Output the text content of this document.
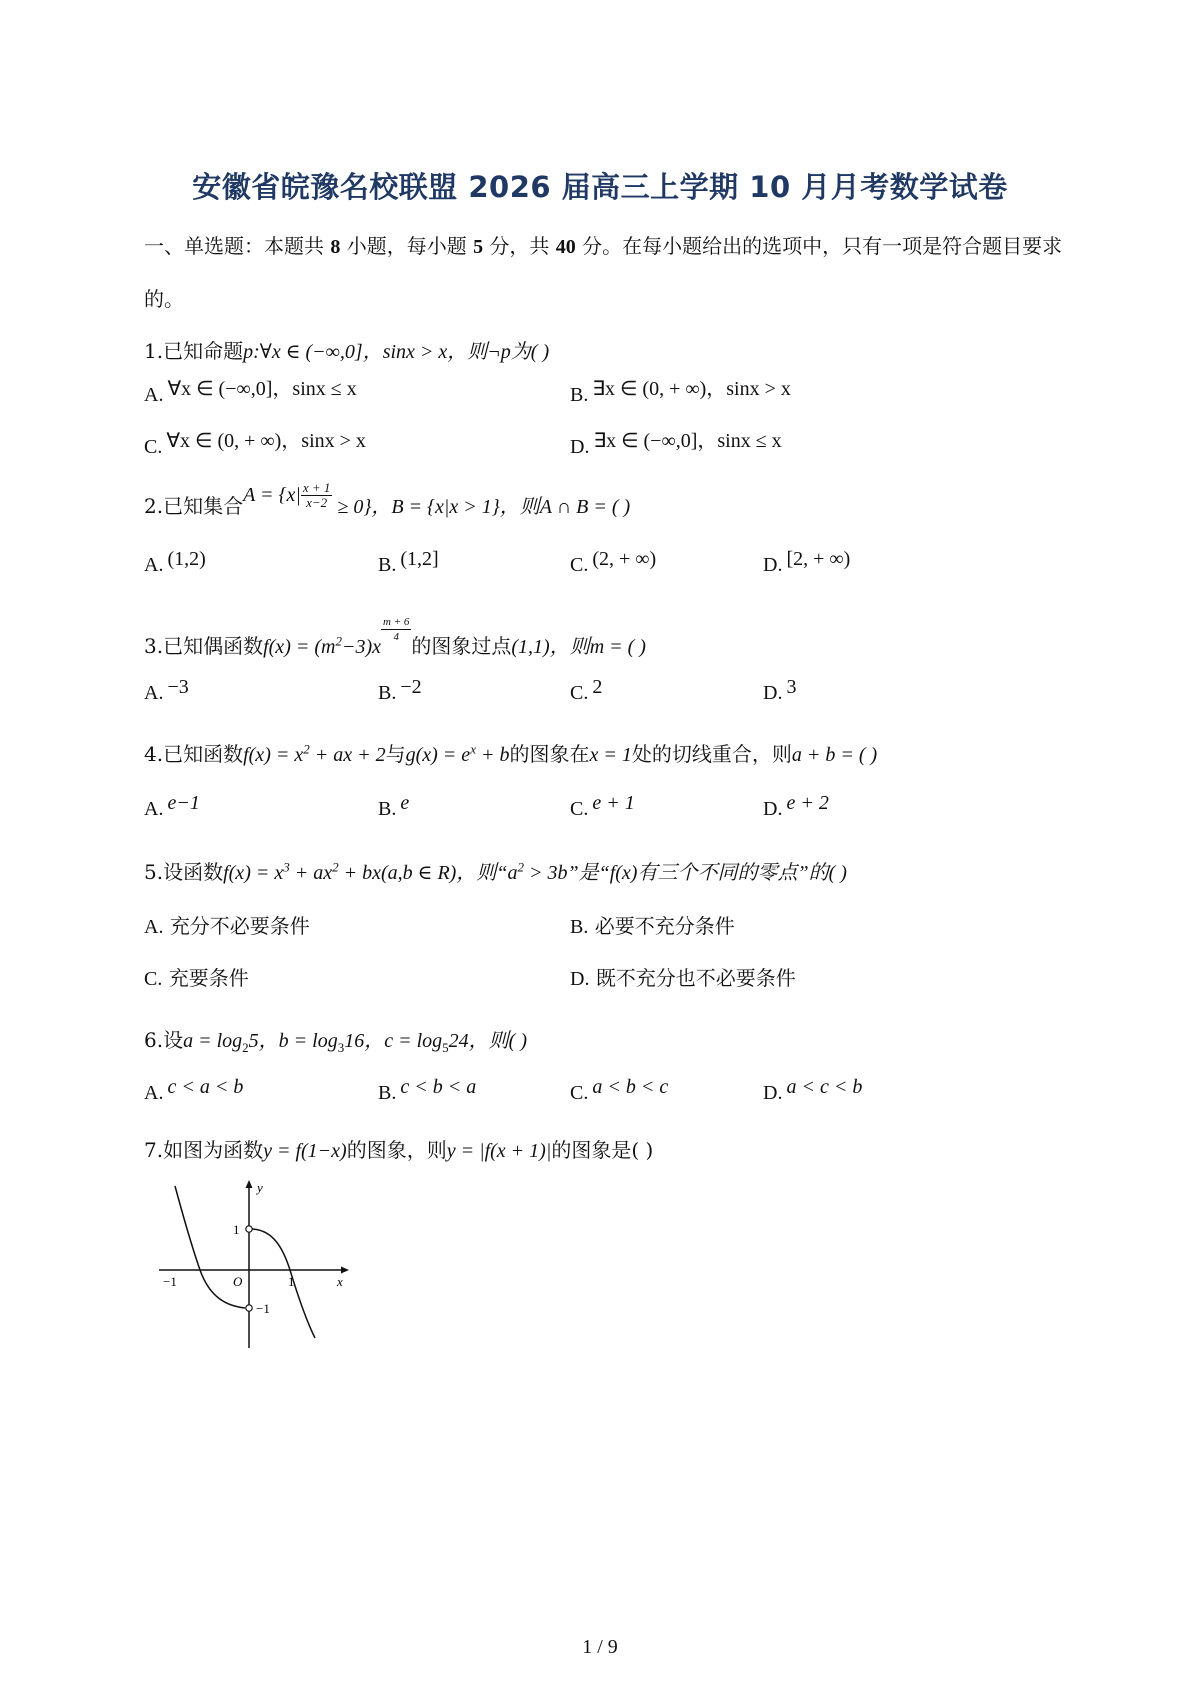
安徽省皖豫名校联盟 2026 届高三上学期 10 月月考数学试卷
一、单选题：本题共 8 小题，每小题 5 分，共 40 分。在每小题给出的选项中，只有一项是符合题目要求的。
1.已知命题p:∀x ∈ (−∞,0]，sinx > x，则¬p为( )
A. ∀x ∈ (−∞,0]，sinx ≤ x	B. ∃x ∈ (0, + ∞)，sinx > x
C. ∀x ∈ (0, + ∞)，sinx > x	D. ∃x ∈ (−∞,0]，sinx ≤ x
2.已知集合$A = \{x| \frac{x + 1}{x-2} \ge 0\}$，B = {x|x > 1}，则A ∩ B = ( )
A. (1,2)	B. (1,2]	C. (2, + ∞)	D. [2, + ∞)
3.已知偶函数$f(x) = (m^2-3)x$
$\frac{m + 6}{4}$
的图象过点(1,1)，则m = ( )
A. −3	B. −2	C. 2	D. 3
4.已知函数$f(x) = x^2$ + ax + 2与$g(x) = e^x + b$的图象在x = 1处的切线重合，则a + b = ( )
A. e−1	B. e	C. e + 1	D. e + 2
5.设函数$f(x) = x^3 + ax^2 + bx(a,b$ ∈ R)，则“$a^2 > 3b$”是“f(x)有三个不同的零点”的( )
A. 充分不必要条件	B. 必要不充分条件
C. 充要条件	D. 既不充分也不必要条件
6.设$a = \log_25$，$b = \log_316$，$c = \log_524$，则( )
A. c < a < b	B. c < b < a	C. a < b < c	D. a < c < b
7.如图为函数y = f(1−x)的图象，则y = |f(x + 1)|的图象是( )
y
x
O
1
−1
−1	1
1 / 9
